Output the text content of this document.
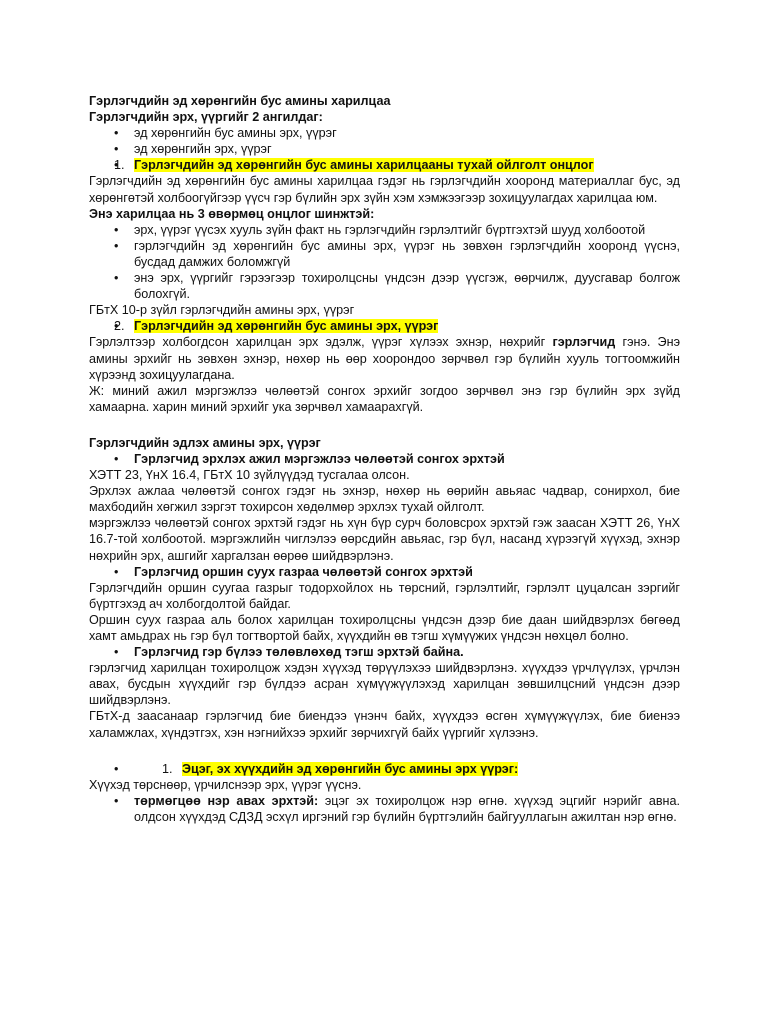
Гэрлэгчдийн эд хөрөнгийн бус амины харилцаа

Гэрлэгчдийн эрх, үүргийг 2 ангилдаг:

• эд хөрөнгийн бус амины эрх, үүрэг
• эд хөрөнгийн эрх, үүрэг
• 1. Гэрлэгчдийн эд хөрөнгийн бус амины харилцааны тухай ойлголт онцлог

Гэрлэгчдийн эд хөрөнгийн бус амины харилцаа гэдэг нь гэрлэгчдийн хооронд материаллаг бус, эд хөрөнгөтэй холбоогүйгээр үүсч гэр бүлийн эрх зүйн хэм хэмжээгээр зохицуулагдах харилцаа юм.

Энэ харилцаа нь 3 өвөрмөц онцлог шинжтэй:

• эрх, үүрэг үүсэх хууль зүйн факт нь гэрлэгчдийн гэрлэлтийг бүртгэхтэй шууд холбоотой
• гэрлэгчдийн эд хөрөнгийн бус амины эрх, үүрэг нь зөвхөн гэрлэгчдийн хооронд үүснэ, бусдад дамжих боломжгүй
• энэ эрх, үүргийг гэрээгээр тохиролцсны үндсэн дээр үүсгэж, өөрчилж, дуусгавар болгож болохгүй.

ГБтХ 10-р зүйл гэрлэгчдийн амины эрх, үүрэг

• 2. Гэрлэгчдийн эд хөрөнгийн бус амины эрх, үүрэг

Гэрлэлтээр холбогдсон харилцан эрх эдэлж, үүрэг хүлээх эхнэр, нөхрийг гэрлэгчид гэнэ. Энэ амины эрхийг нь зөвхөн эхнэр, нөхөр нь өөр хоорондоо зөрчвөл гэр бүлийн хууль тогтоомжийн хүрээнд зохицуулагдана.

Ж: миний ажил мэргэжлээ чөлөөтэй сонгох эрхийг зогдоо зөрчвөл энэ гэр бүлийн эрх зүйд хамаарна. харин миний эрхийг ука зөрчвөл хамаарахгүй.

Гэрлэгчдийн эдлэх амины эрх, үүрэг

• Гэрлэгчид эрхлэх ажил мэргэжлээ чөлөөтэй сонгох эрхтэй

ХЭТТ 23, ҮнХ 16.4, ГБтХ 10 зүйлүүдэд тусгалаа олсон.

Эрхлэх ажлаа чөлөөтэй сонгох гэдэг нь эхнэр, нөхөр нь өөрийн авьяас чадвар, сонирхол, бие махбодийн хөгжил зэргэт тохирсон хөдөлмөр эрхлэх тухай ойлголт.

мэргэжлээ чөлөөтэй сонгох эрхтэй гэдэг нь хүн бүр сурч боловсрох эрхтэй гэж заасан ХЭТТ 26, ҮнХ 16.7-той холбоотой. мэргэжлийн чиглэлээ өөрсдийн авьяас, гэр бүл, насанд хүрээгүй хүүхэд, эхнэр нөхрийн эрх, ашгийг харгалзан өөрөө шийдвэрлэнэ.

• Гэрлэгчид оршин суух газраа чөлөөтэй сонгох эрхтэй

Гэрлэгчдийн оршин суугаа газрыг тодорхойлох нь төрсний, гэрлэлтийг, гэрлэлт цуцалсан зэргийг бүртгэхэд ач холбогдолтой байдаг.

Оршин суух газраа аль болох харилцан тохиролцсны үндсэн дээр бие даан шийдвэрлэх бөгөөд хамт амьдрах нь гэр бүл тогтвортой байх, хүүхдийн өв тэгш хүмүүжих үндсэн нөхцөл болно.

• Гэрлэгчид гэр бүлээ төлөвлөхөд тэгш эрхтэй байна.

гэрлэгчид харилцан тохиролцож хэдэн хүүхэд төрүүлэхээ шийдвэрлэнэ. хүүхдээ үрчлүүлэх, үрчлэн авах, бусдын хүүхдийг гэр бүлдээ асран хүмүүжүүлэхэд харилцан зөвшилцсний үндсэн дээр шийдвэрлэнэ.

ГБтХ-д заасанаар гэрлэгчид бие биендээ үнэнч байх, хүүхдээ өсгөн хүмүүжүүлэх, бие биенээ халамжлах, хүндэтгэх, хэн нэгнийхээ эрхийг зөрчихгүй байх үүргийг хүлээнэ.

• 1. Эцэг, эх хүүхдийн эд хөрөнгийн бус амины эрх үүрэг:

Хүүхэд төрснөөр, үрчилснээр эрх, үүрэг үүснэ.

• төрмөгцөө нэр авах эрхтэй: эцэг эх тохиролцож нэр өгнө. хүүхэд эцгийг нэрийг авна. олдсон хүүхдэд СДЗД эсхүл иргэний гэр бүлийн бүртгэлийн байгууллагын ажилтан нэр өгнө.
